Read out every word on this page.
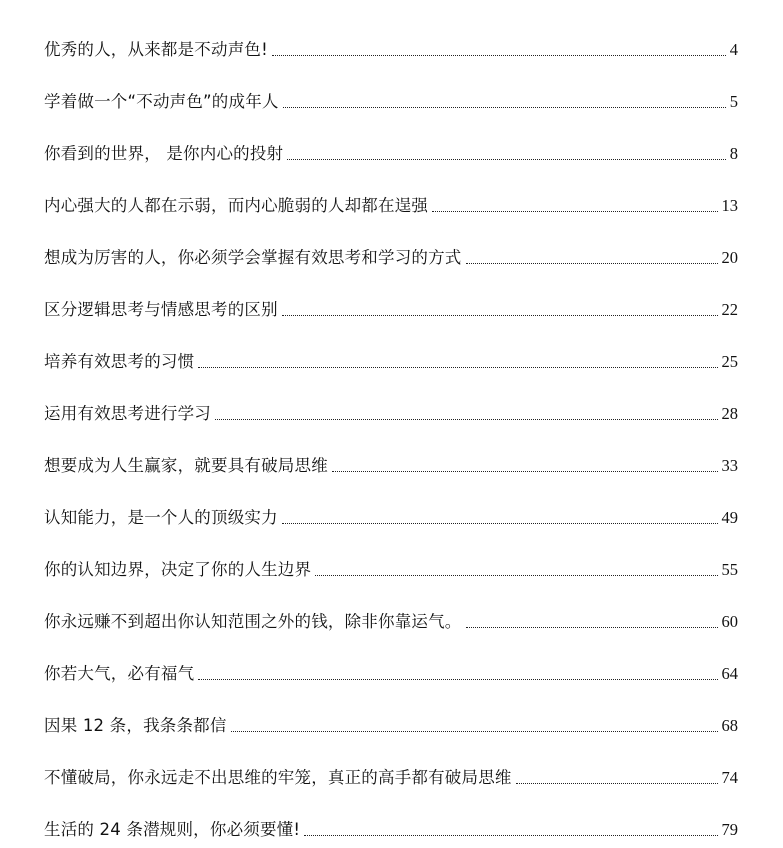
优秀的人，从来都是不动声色!	4
学着做一个“不动声色”的成年人	5
你看到的世界， 是你内心的投射	8
内心强大的人都在示弱，而内心脆弱的人却都在逞强	13
想成为厉害的人，你必须学会掌握有效思考和学习的方式	20
区分逻辑思考与情感思考的区别	22
培养有效思考的习惯	25
运用有效思考进行学习	28
想要成为人生赢家，就要具有破局思维	33
认知能力，是一个人的顶级实力	49
你的认知边界，决定了你的人生边界	55
你永远赚不到超出你认知范围之外的钱，除非你靠运气。	60
你若大气，必有福气	64
因果 12 条，我条条都信	68
不懂破局，你永远走不出思维的牢笼，真正的高手都有破局思维	74
生活的 24 条潜规则，你必须要懂!	79
